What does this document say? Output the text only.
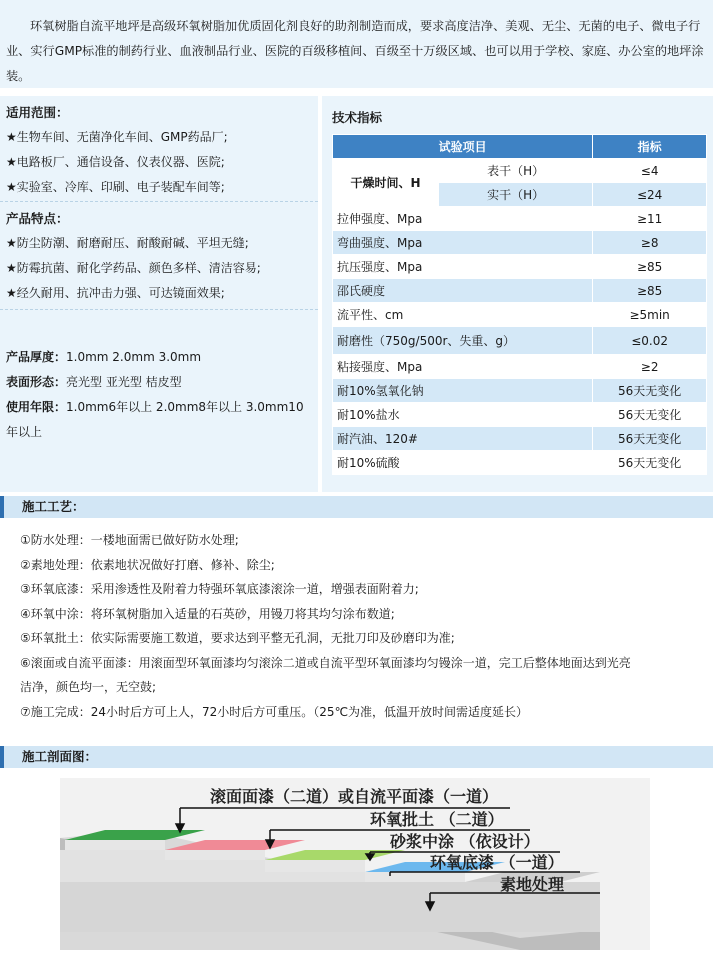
环氧树脂自流平地坪是高级环氧树脂加优质固化剂良好的助剂制造而成，要求高度洁净、美观、无尘、无菌的电子、微电子行业、实行GMP标准的制药行业、血液制品行业、医院的百级移植间、百级至十万级区域、也可以用于学校、家庭、办公室的地坪涂装。

适用范围：
★生物车间、无菌净化车间、GMP药品厂;
★电路板厂、通信设备、仪表仪器、医院;
★实验室、冷库、印刷、电子装配车间等;
产品特点：
★防尘防潮、耐磨耐压、耐酸耐碱、平坦无缝;
★防霉抗菌、耐化学药品、颜色多样、清洁容易;
★经久耐用、抗冲击力强、可达镜面效果;
产品厚度：1.0mm 2.0mm 3.0mm
表面形态：亮光型 亚光型 桔皮型
使用年限：1.0mm6年以上 2.0mm8年以上 3.0mm10
年以上
技术指标
试验项目		指标
干燥时间、H	表干（H）	≤4
	实干（H）	≤24
拉伸强度、Mpa		≥11
弯曲强度、Mpa		≥8
抗压强度、Mpa		≥85
邵氏硬度		≥85
流平性、cm		≥5min
耐磨性（750g/500r、失重、g）		≤0.02
粘接强度、Mpa		≥2
耐10%氢氧化钠		56天无变化
耐10%盐水		56天无变化
耐汽油、120#		56天无变化
耐10%硫酸		56天无变化
施工工艺：
①防水处理：一楼地面需已做好防水处理;
②素地处理：依素地状况做好打磨、修补、除尘;
③环氧底漆：采用渗透性及附着力特强环氧底漆滚涂一道，增强表面附着力;
④环氧中涂：将环氧树脂加入适量的石英砂，用镘刀将其均匀涂布数道;
⑤环氧批土：依实际需要施工数道，要求达到平整无孔洞，无批刀印及砂磨印为准;
⑥滚面或自流平面漆：用滚面型环氧面漆均匀滚涂二道或自流平型环氧面漆均匀镘涂一道，完工后整体地面达到光亮
洁净，颜色均一，无空鼓;
⑦施工完成：24小时后方可上人，72小时后方可重压。（25℃为准，低温开放时间需适度延长）
施工剖面图：
滚面面漆（二道）或自流平面漆（一道）
环氧批土 （二道）
砂浆中涂 （依设计）
环氧底漆 （一道）
素地处理
